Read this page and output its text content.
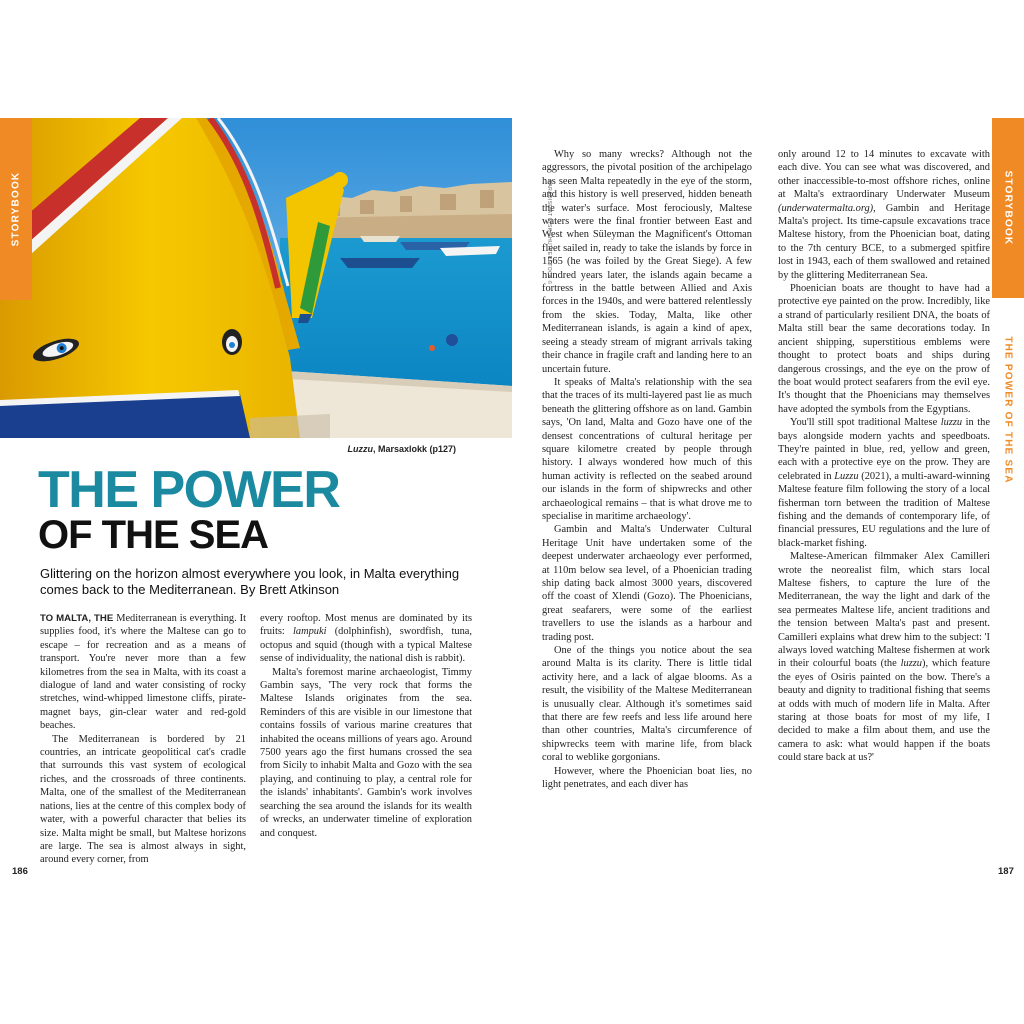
STORYBOOK
Luzzu, Marsaxlokk (p127)
THE POWER
OF THE SEA
Glittering on the horizon almost everywhere you look, in Malta everything comes back to the Mediterranean. By Brett Atkinson

TO MALTA, THE Mediterranean is everything. It supplies food, it's where the Maltese can go to escape – for recreation and as a means of transport. You're never more than a few kilometres from the sea in Malta, with its coast a dialogue of land and water consisting of rocky stretches, wind-whipped limestone cliffs, pirate-magnet bays, gin-clear water and red-gold beaches.

The Mediterranean is bordered by 21 countries, an intricate geopolitical cat's cradle that surrounds this vast system of ecological riches, and the crossroads of three continents. Malta, one of the smallest of the Mediterranean nations, lies at the centre of this complex body of water, with a powerful character that belies its size. Malta might be small, but Maltese horizons are large. The sea is almost always in sight, around every corner, from

every rooftop. Most menus are dominated by its fruits: lampuki (dolphinfish), swordfish, tuna, octopus and squid (though with a typical Maltese sense of individuality, the national dish is rabbit).

Malta's foremost marine archaeologist, Timmy Gambin says, 'The very rock that forms the Maltese Islands originates from the sea. Reminders of this are visible in our limestone that contains fossils of various marine creatures that inhabited the oceans millions of years ago. Around 7500 years ago the first humans crossed the sea from Sicily to inhabit Malta and Gozo with the sea playing, and continuing to play, a central role for the islands' inhabitants'. Gambin's work involves searching the sea around the islands for its wealth of wrecks, an underwater timeline of exploration and conquest.

186
STORYBOOK
THE POWER OF THE SEA

Why so many wrecks? Although not the aggressors, the pivotal position of the archipelago has seen Malta repeatedly in the eye of the storm, and this history is well preserved, hidden beneath the water's surface. Most ferociously, Maltese waters were the final frontier between East and West when Süleyman the Magnificent's Ottoman fleet sailed in, ready to take the islands by force in 1565 (he was foiled by the Great Siege). A few hundred years later, the islands again became a fortress in the battle between Allied and Axis forces in the 1940s, and were battered relentlessly from the skies. Today, Malta, like other Mediterranean islands, is again a kind of apex, seeing a steady stream of migrant arrivals taking their chance in fragile craft and landing here to an uncertain future.

It speaks of Malta's relationship with the sea that the traces of its multi-layered past lie as much beneath the glittering offshore as on land. Gambin says, 'On land, Malta and Gozo have one of the densest concentrations of cultural heritage per square kilometre created by people through history. I always wondered how much of this human activity is reflected on the seabed around our islands in the form of shipwrecks and other archaeological remains – that is what drove me to specialise in maritime archaeology'.

Gambin and Malta's Underwater Cultural Heritage Unit have undertaken some of the deepest underwater archaeology ever performed, at 110m below sea level, of a Phoenician trading ship dating back almost 3000 years, discovered off the coast of Xlendi (Gozo). The Phoenicians, great seafarers, were some of the earliest travellers to use the islands as a harbour and trading post.

One of the things you notice about the sea around Malta is its clarity. There is little tidal activity here, and a lack of algae blooms. As a result, the visibility of the Maltese Mediterranean is unusually clear. Although it's sometimes said that there are few reefs and less life around here than other countries, Malta's circumference of shipwrecks teem with marine life, from black coral to weblike gorgonians.

However, where the Phoenician boat lies, no light penetrates, and each diver has

only around 12 to 14 minutes to excavate with each dive. You can see what was discovered, and other inaccessible-to-most offshore riches, online at Malta's extraordinary Underwater Museum (underwatermalta.org), Gambin and Heritage Malta's project. Its time-capsule excavations trace Maltese history, from the Phoenician boat, dating to the 7th century BCE, to a submerged spitfire lost in 1943, each of them swallowed and retained by the glittering Mediterranean Sea.

Phoenician boats are thought to have had a protective eye painted on the prow. Incredibly, like a strand of particularly resilient DNA, the boats of Malta still bear the same decorations today. In ancient shipping, superstitious emblems were thought to protect boats and ships during dangerous crossings, and the eye on the prow of the boat would protect seafarers from the evil eye. It's thought that the Phoenicians may themselves have adopted the symbols from the Egyptians.

You'll still spot traditional Maltese luzzu in the bays alongside modern yachts and speedboats. They're painted in blue, red, yellow and green, each with a protective eye on the prow. They are celebrated in Luzzu (2021), a multi-award-winning Maltese feature film following the story of a local fisherman torn between the tradition of Maltese fishing and the demands of contemporary life, of financial pressures, EU regulations and the lure of black-market fishing.

Maltese-American filmmaker Alex Camilleri wrote the neorealist film, which stars local Maltese fishers, to capture the lure of the Mediterranean, the way the light and dark of the sea permeates Maltese life, ancient traditions and the tension between Malta's past and present. Camilleri explains what drew him to the subject: 'I always loved watching Maltese fishermen at work in their colourful boats (the luzzu), which feature the eyes of Osiris painted on the bow. There's a beauty and dignity to traditional fishing that seems at odds with much of modern life in Malta. After staring at those boats for most of my life, I decided to make a film about them, and use the camera to ask: what would happen if the boats could stare back at us?'

187
PARADISE AT RISK/SHUTTERSTOCK ©
